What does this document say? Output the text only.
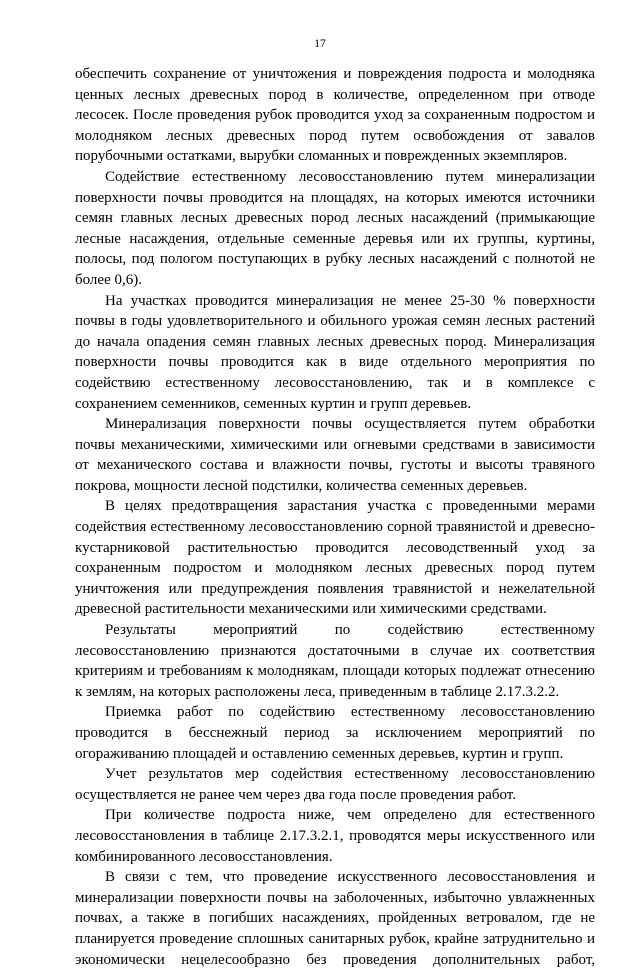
17

обеспечить сохранение от уничтожения и повреждения подроста и молодняка ценных лесных древесных пород в количестве, определенном при отводе лесосек. После проведения рубок проводится уход за сохраненным подростом и молодняком лесных древесных пород путем освобождения от завалов порубочными остатками, вырубки сломанных и поврежденных экземпляров.

Содействие естественному лесовосстановлению путем минерализации поверхности почвы проводится на площадях, на которых имеются источники семян главных лесных древесных пород лесных насаждений (примыкающие лесные насаждения, отдельные семенные деревья или их группы, куртины, полосы, под пологом поступающих в рубку лесных насаждений с полнотой не более 0,6).

На участках проводится минерализация не менее 25-30 % поверхности почвы в годы удовлетворительного и обильного урожая семян лесных растений до начала опадения семян главных лесных древесных пород. Минерализация поверхности почвы проводится как в виде отдельного мероприятия по содействию естественному лесовосстановлению, так и в комплексе с сохранением семенников, семенных куртин и групп деревьев.

Минерализация поверхности почвы осуществляется путем обработки почвы механическими, химическими или огневыми средствами в зависимости от механического состава и влажности почвы, густоты и высоты травяного покрова, мощности лесной подстилки, количества семенных деревьев.

В целях предотвращения зарастания участка с проведенными мерами содействия естественному лесовосстановлению сорной травянистой и древесно-кустарниковой растительностью проводится лесоводственный уход за сохраненным подростом и молодняком лесных древесных пород путем уничтожения или предупреждения появления травянистой и нежелательной древесной растительности механическими или химическими средствами.

Результаты мероприятий по содействию естественному лесовосстановлению признаются достаточными в случае их соответствия критериям и требованиям к молоднякам, площади которых подлежат отнесению к землям, на которых расположены леса, приведенным в таблице 2.17.3.2.2.

Приемка работ по содействию естественному лесовосстановлению проводится в бесснежный период за исключением мероприятий по огораживанию площадей и оставлению семенных деревьев, куртин и групп.

Учет результатов мер содействия естественному лесовосстановлению осуществляется не ранее чем через два года после проведения работ.

При количестве подроста ниже, чем определено для естественного лесовосстановления в таблице 2.17.3.2.1, проводятся меры искусственного или комбинированного лесовосстановления.

В связи с тем, что проведение искусственного лесовосстановления и минерализации поверхности почвы на заболоченных, избыточно увлажненных почвах, а также в погибших насаждениях, пройденных ветровалом, где не планируется проведение сплошных санитарных рубок, крайне затруднительно и экономически нецелесообразно без проведения дополнительных работ,
